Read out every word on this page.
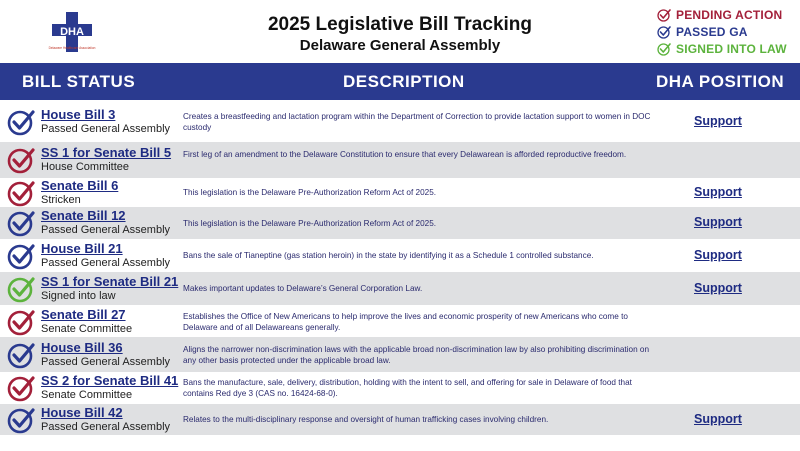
DHA
Delaware Healthcare Association
2025 Legislative Bill Tracking
Delaware General Assembly
PENDING ACTION
PASSED GA
SIGNED INTO LAW
BILL STATUS	DESCRIPTION	DHA POSITION
House Bill 3
Passed General Assembly
Creates a breastfeeding and lactation program within the Department of Correction to provide lactation support to women in DOC custody	Support
SS 1 for Senate Bill 5
House Committee
First leg of an amendment to the Delaware Constitution to ensure that every Delawarean is afforded reproductive freedom.
Senate Bill 6
Stricken
This legislation is the Delaware Pre-Authorization Reform Act of 2025.	Support
Senate Bill 12
Passed General Assembly
This legislation is the Delaware Pre-Authorization Reform Act of 2025.	Support
House Bill 21
Passed General Assembly
Bans the sale of Tianeptine (gas station heroin) in the state by identifying it as a Schedule 1 controlled substance.	Support
SS 1 for Senate Bill 21
Signed into law
Makes important updates to Delaware’s General Corporation Law.	Support
Senate Bill 27
Senate Committee
Establishes the Office of New Americans to help improve the lives and economic prosperity of new Americans who come to Delaware and of all Delawareans generally.
House Bill 36
Passed General Assembly
Aligns the narrower non-discrimination laws with the applicable broad non-discrimination law by also prohibiting discrimination on any other basis protected under the applicable broad law.
SS 2 for Senate Bill 41
Senate Committee
Bans the manufacture, sale, delivery, distribution, holding with the intent to sell, and offering for sale in Delaware of food that contains Red dye 3 (CAS no. 16424-68-0).
House Bill 42
Passed General Assembly
Relates to the multi-disciplinary response and oversight of human trafficking cases involving children.	Support
